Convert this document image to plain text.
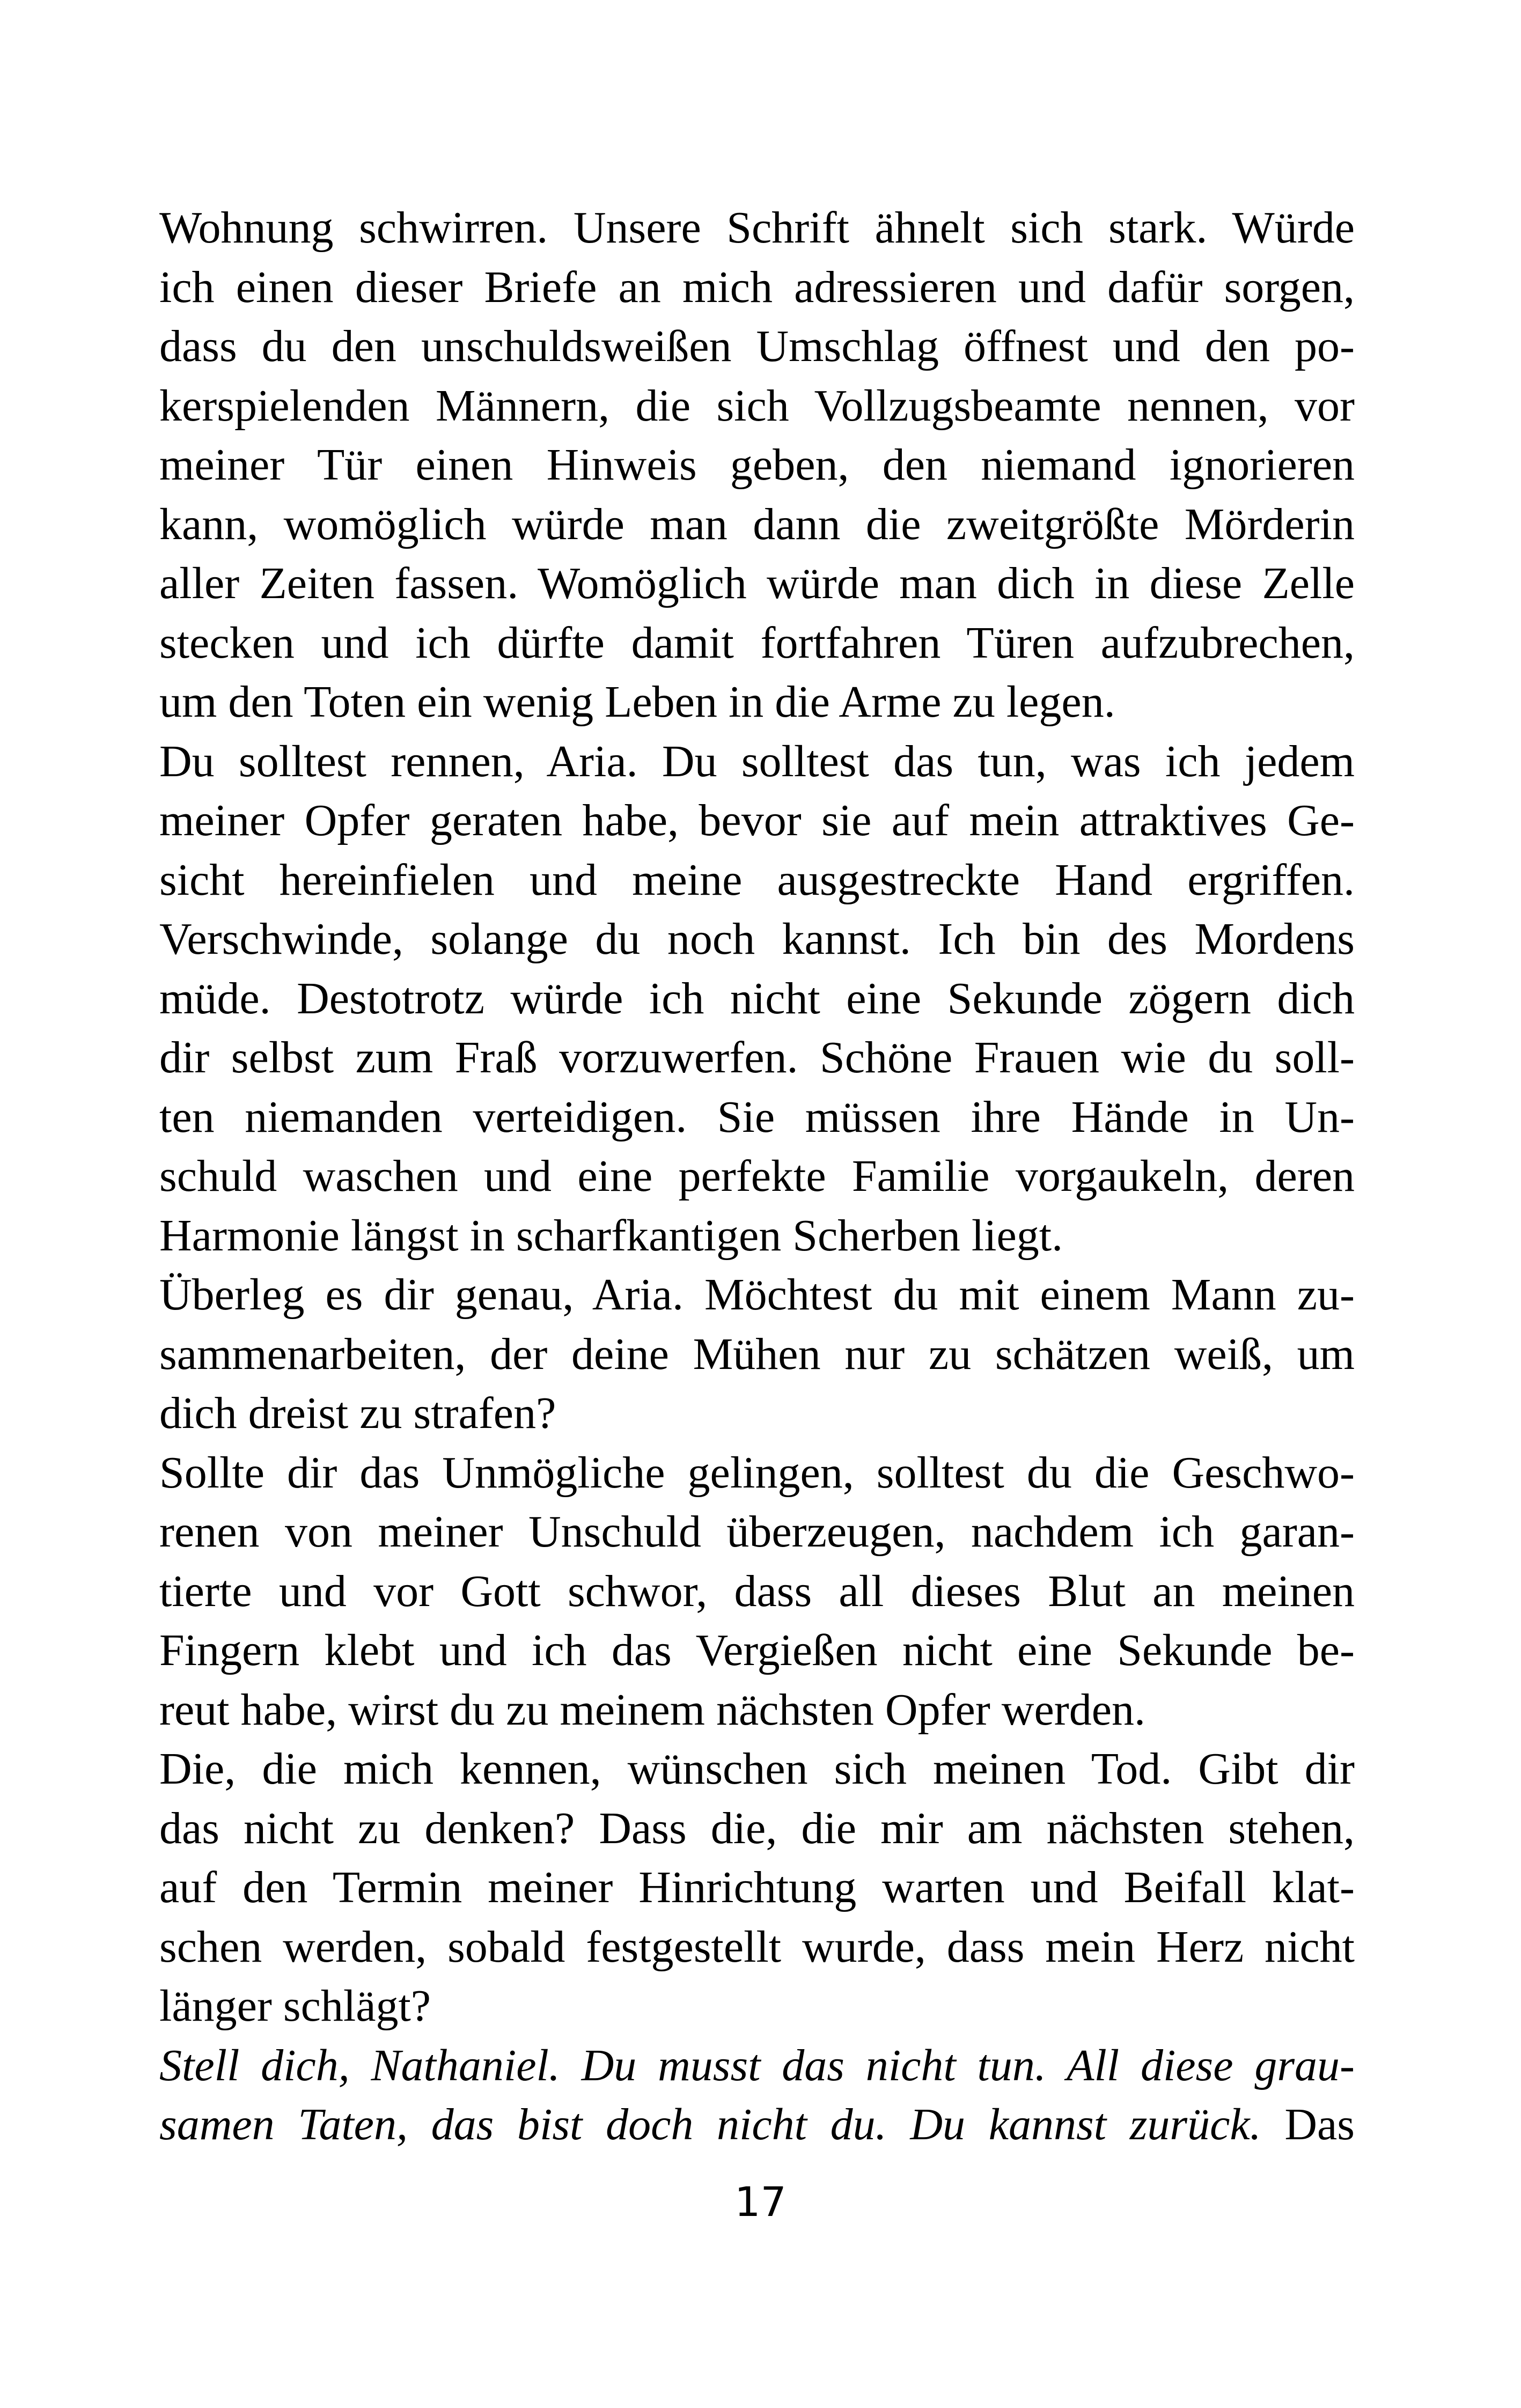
Wohnung schwirren. Unsere Schrift ähnelt sich stark. Würde
ich einen dieser Briefe an mich adressieren und dafür sorgen,
dass du den unschuldsweißen Umschlag öffnest und den po-
kerspielenden Männern, die sich Vollzugsbeamte nennen, vor
meiner Tür einen Hinweis geben, den niemand ignorieren
kann, womöglich würde man dann die zweitgrößte Mörderin
aller Zeiten fassen. Womöglich würde man dich in diese Zelle
stecken und ich dürfte damit fortfahren Türen aufzubrechen,
um den Toten ein wenig Leben in die Arme zu legen.
Du solltest rennen, Aria. Du solltest das tun, was ich jedem
meiner Opfer geraten habe, bevor sie auf mein attraktives Ge-
sicht hereinfielen und meine ausgestreckte Hand ergriffen.
Verschwinde, solange du noch kannst. Ich bin des Mordens
müde. Destotrotz würde ich nicht eine Sekunde zögern dich
dir selbst zum Fraß vorzuwerfen. Schöne Frauen wie du soll-
ten niemanden verteidigen. Sie müssen ihre Hände in Un-
schuld waschen und eine perfekte Familie vorgaukeln, deren
Harmonie längst in scharfkantigen Scherben liegt.
Überleg es dir genau, Aria. Möchtest du mit einem Mann zu-
sammenarbeiten, der deine Mühen nur zu schätzen weiß, um
dich dreist zu strafen?
Sollte dir das Unmögliche gelingen, solltest du die Geschwo-
renen von meiner Unschuld überzeugen, nachdem ich garan-
tierte und vor Gott schwor, dass all dieses Blut an meinen
Fingern klebt und ich das Vergießen nicht eine Sekunde be-
reut habe, wirst du zu meinem nächsten Opfer werden.
Die, die mich kennen, wünschen sich meinen Tod. Gibt dir
das nicht zu denken? Dass die, die mir am nächsten stehen,
auf den Termin meiner Hinrichtung warten und Beifall klat-
schen werden, sobald festgestellt wurde, dass mein Herz nicht
länger schlägt?
Stell dich, Nathaniel. Du musst das nicht tun. All diese grau-
samen Taten, das bist doch nicht du. Du kannst zurück. Das
17
